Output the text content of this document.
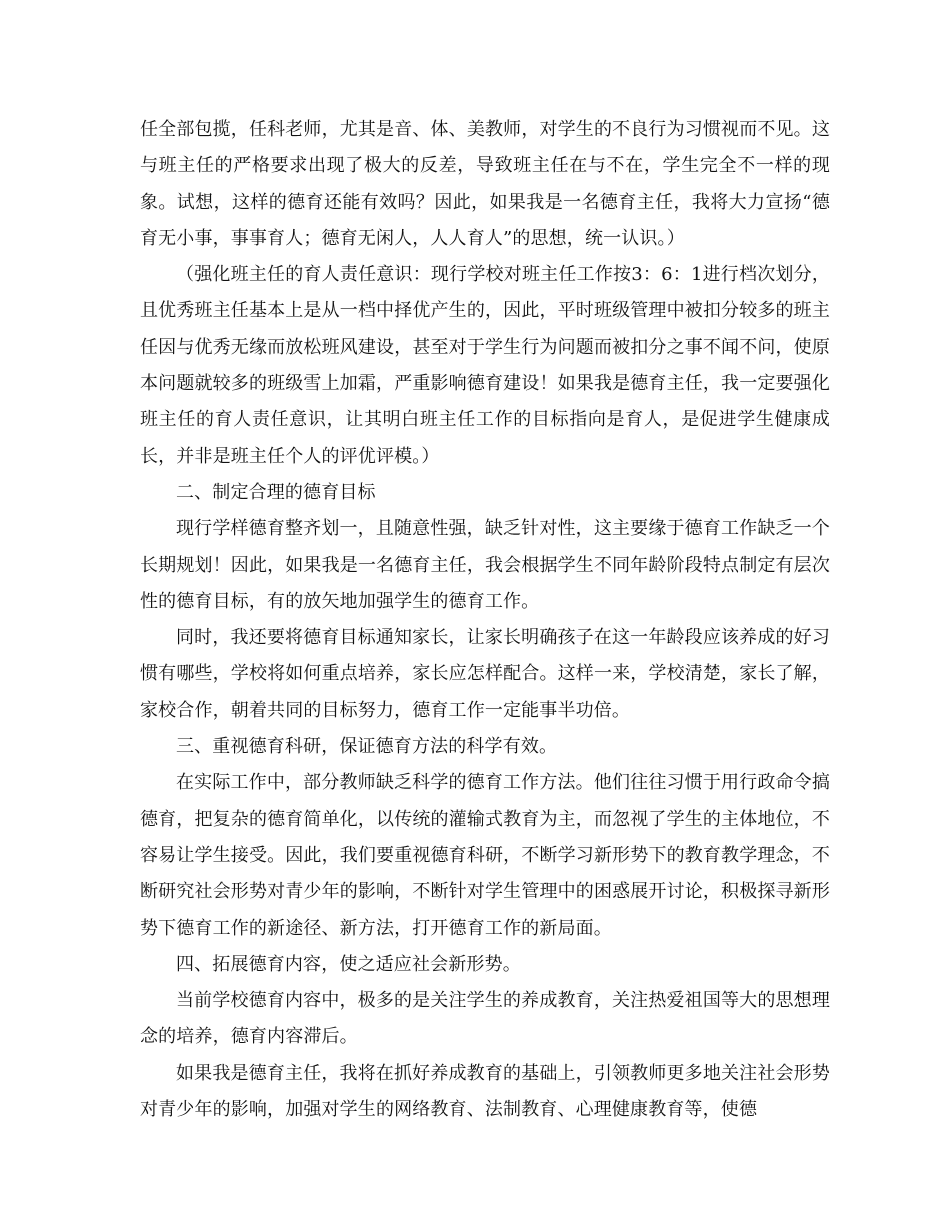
任全部包揽，任科老师，尤其是音、体、美教师，对学生的不良行为习惯视而不见。这与班主任的严格要求出现了极大的反差，导致班主任在与不在，学生完全不一样的现象。试想，这样的德育还能有效吗？因此，如果我是一名德育主任，我将大力宣扬“德育无小事，事事育人；德育无闲人，人人育人”的思想，统一认识。）

（强化班主任的育人责任意识：现行学校对班主任工作按3：6：1进行档次划分，且优秀班主任基本上是从一档中择优产生的，因此，平时班级管理中被扣分较多的班主任因与优秀无缘而放松班风建设，甚至对于学生行为问题而被扣分之事不闻不问，使原本问题就较多的班级雪上加霜，严重影响德育建设！如果我是德育主任，我一定要强化班主任的育人责任意识，让其明白班主任工作的目标指向是育人，是促进学生健康成长，并非是班主任个人的评优评模。）

二、制定合理的德育目标

现行学样德育整齐划一，且随意性强，缺乏针对性，这主要缘于德育工作缺乏一个长期规划！因此，如果我是一名德育主任，我会根据学生不同年龄阶段特点制定有层次性的德育目标，有的放矢地加强学生的德育工作。

同时，我还要将德育目标通知家长，让家长明确孩子在这一年龄段应该养成的好习惯有哪些，学校将如何重点培养，家长应怎样配合。这样一来，学校清楚，家长了解，家校合作，朝着共同的目标努力，德育工作一定能事半功倍。

三、重视德育科研，保证德育方法的科学有效。

在实际工作中，部分教师缺乏科学的德育工作方法。他们往往习惯于用行政命令搞德育，把复杂的德育简单化，以传统的灌输式教育为主，而忽视了学生的主体地位，不容易让学生接受。因此，我们要重视德育科研，不断学习新形势下的教育教学理念，不断研究社会形势对青少年的影响，不断针对学生管理中的困惑展开讨论，积极探寻新形势下德育工作的新途径、新方法，打开德育工作的新局面。

四、拓展德育内容，使之适应社会新形势。

当前学校德育内容中，极多的是关注学生的养成教育，关注热爱祖国等大的思想理念的培养，德育内容滞后。

如果我是德育主任，我将在抓好养成教育的基础上，引领教师更多地关注社会形势对青少年的影响，加强对学生的网络教育、法制教育、心理健康教育等，使德
